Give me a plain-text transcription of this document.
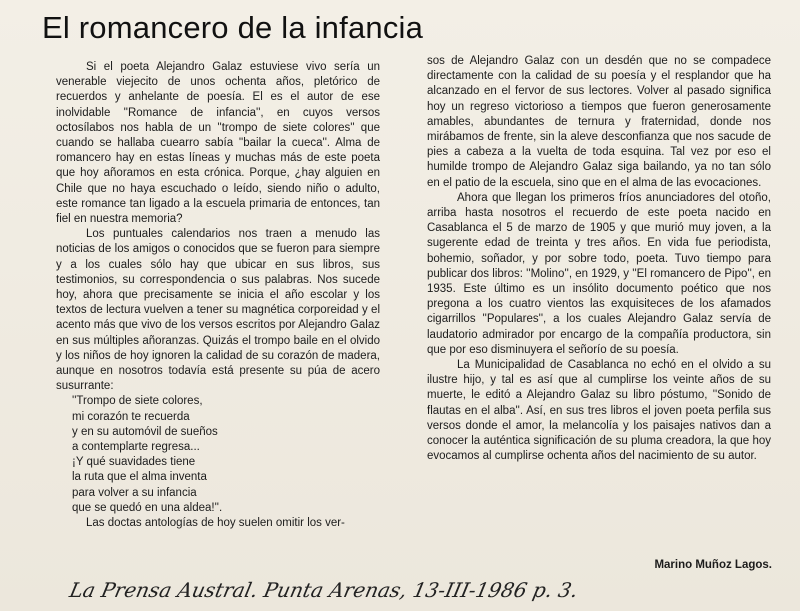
El romancero de la infancia

Si el poeta Alejandro Galaz estuviese vivo sería un venerable viejecito de unos ochenta años, pletórico de recuerdos y anhelante de poesía. El es el autor de ese inolvidable ''Romance de infancia'', en cuyos versos octosílabos nos habla de un ''trompo de siete colores'' que cuando se hallaba cuearro sabía ''bailar la cueca''. Alma de romancero hay en estas líneas y muchas más de este poeta que hoy añoramos en esta crónica. Porque, ¿hay alguien en Chile que no haya escuchado o leído, siendo niño o adulto, este romance tan ligado a la escuela primaria de entonces, tan fiel en nuestra memoria?

Los puntuales calendarios nos traen a menudo las noticias de los amigos o conocidos que se fueron para siempre y a los cuales sólo hay que ubicar en sus libros, sus testimonios, su correspondencia o sus palabras. Nos sucede hoy, ahora que precisamente se inicia el año escolar y los textos de lectura vuelven a tener su magnética corporeidad y el acento más que vivo de los versos escritos por Alejandro Galaz en sus múltiples añoranzas. Quizás el trompo baile en el olvido y los niños de hoy ignoren la calidad de su corazón de madera, aunque en nosotros todavía está presente su púa de acero susurrante:

''Trompo de siete colores,
mi corazón te recuerda
y en su automóvil de sueños
a contemplarte regresa...
¡Y qué suavidades tiene
la ruta que el alma inventa
para volver a su infancia
que se quedó en una aldea!''.

Las doctas antologías de hoy suelen omitir los ver-

sos de Alejandro Galaz con un desdén que no se compadece directamente con la calidad de su poesía y el resplandor que ha alcanzado en el fervor de sus lectores. Volver al pasado significa hoy un regreso victorioso a tiempos que fueron generosamente amables, abundantes de ternura y fraternidad, donde nos mirábamos de frente, sin la aleve desconfianza que nos sacude de pies a cabeza a la vuelta de toda esquina. Tal vez por eso el humilde trompo de Alejandro Galaz siga bailando, ya no tan sólo en el patio de la escuela, sino que en el alma de las evocaciones.

Ahora que llegan los primeros fríos anunciadores del otoño, arriba hasta nosotros el recuerdo de este poeta nacido en Casablanca el 5 de marzo de 1905 y que murió muy joven, a la sugerente edad de treinta y tres años. En vida fue periodista, bohemio, soñador, y por sobre todo, poeta. Tuvo tiempo para publicar dos libros: ''Molino'', en 1929, y ''El romancero de Pipo'', en 1935. Este último es un insólito documento poético que nos pregona a los cuatro vientos las exquisiteces de los afamados cigarrillos ''Populares'', a los cuales Alejandro Galaz servía de laudatorio admirador por encargo de la compañía productora, sin que por eso disminuyera el señorío de su poesía.

La Municipalidad de Casablanca no echó en el olvido a su ilustre hijo, y tal es así que al cumplirse los veinte años de su muerte, le editó a Alejandro Galaz su libro póstumo, ''Sonido de flautas en el alba''. Así, en sus tres libros el joven poeta perfila sus versos donde el amor, la melancolía y los paisajes nativos dan a conocer la auténtica significación de su pluma creadora, la que hoy evocamos al cumplirse ochenta años del nacimiento de su autor.

Marino Muñoz Lagos.
La Prensa Austral. Punta Arenas, 13-III-1986 p. 3.
